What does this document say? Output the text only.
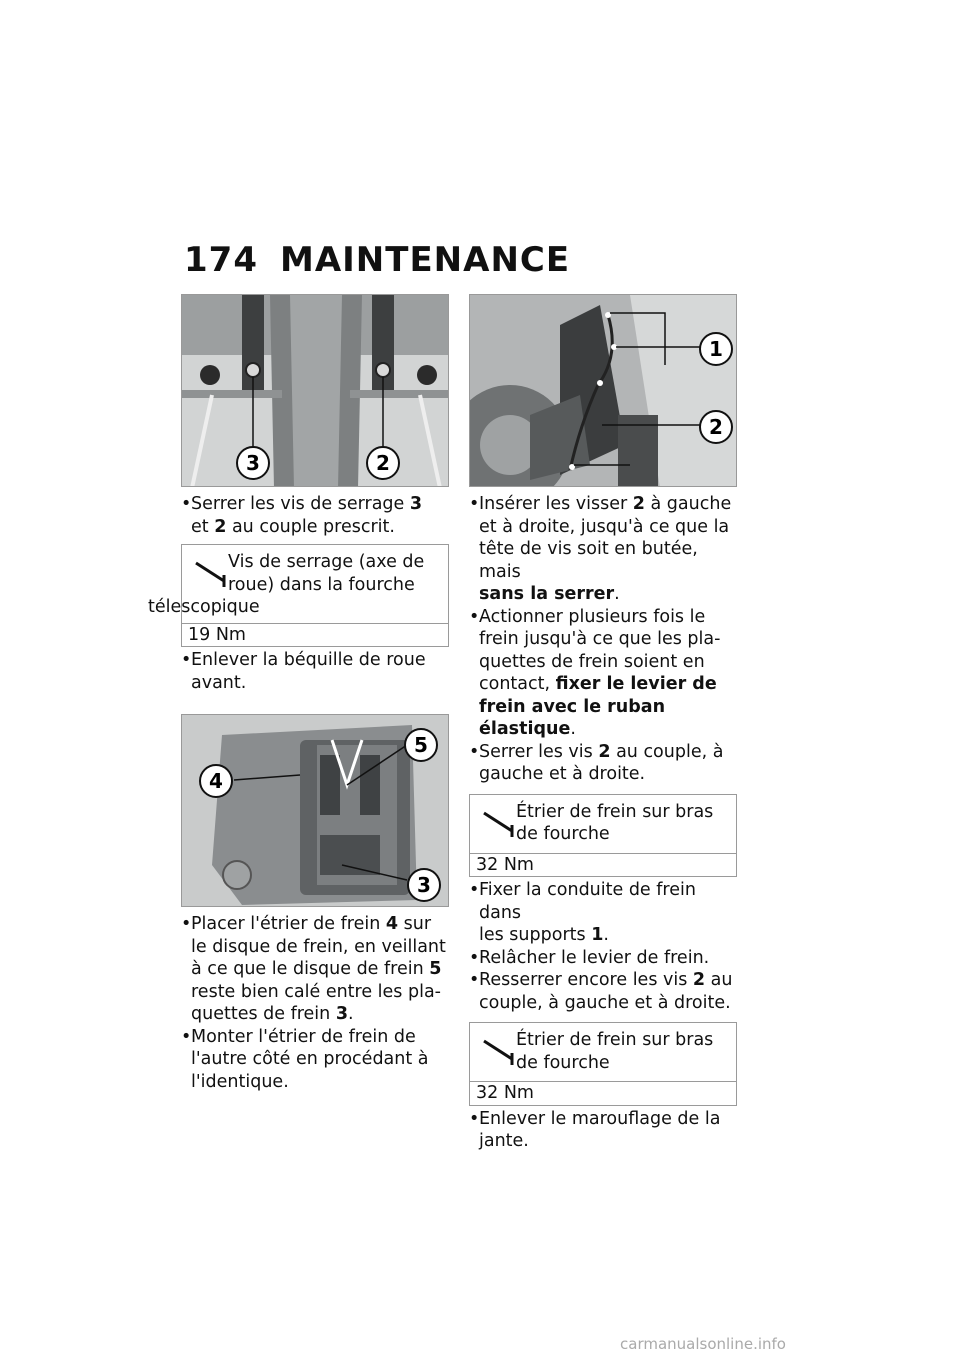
174 MAINTENANCE
3	2

• Serrer les vis de serrage 3
et 2 au couple prescrit.

Vis de serrage (axe de
roue) dans la fourche
télescopique
19 Nm

• Enlever la béquille de roue
avant.

5
4
3

• Placer l'étrier de frein 4 sur
le disque de frein, en veillant
à ce que le disque de frein 5
reste bien calé entre les pla-
quettes de frein 3.

• Monter l'étrier de frein de
l'autre côté en procédant à
l'identique.

1
2

• Insérer les visser 2 à gauche
et à droite, jusqu'à ce que la
tête de vis soit en butée, mais
sans la serrer.

• Actionner plusieurs fois le
frein jusqu'à ce que les pla-
quettes de frein soient en
contact, fixer le levier de
frein avec le ruban élastique.

• Serrer les vis 2 au couple, à
gauche et à droite.

Étrier de frein sur bras
de fourche
32 Nm

• Fixer la conduite de frein dans
les supports 1.

• Relâcher le levier de frein.

• Resserrer encore les vis 2 au
couple, à gauche et à droite.

Étrier de frein sur bras
de fourche
32 Nm

• Enlever le marouflage de la
jante.

carmanualsonline.info
